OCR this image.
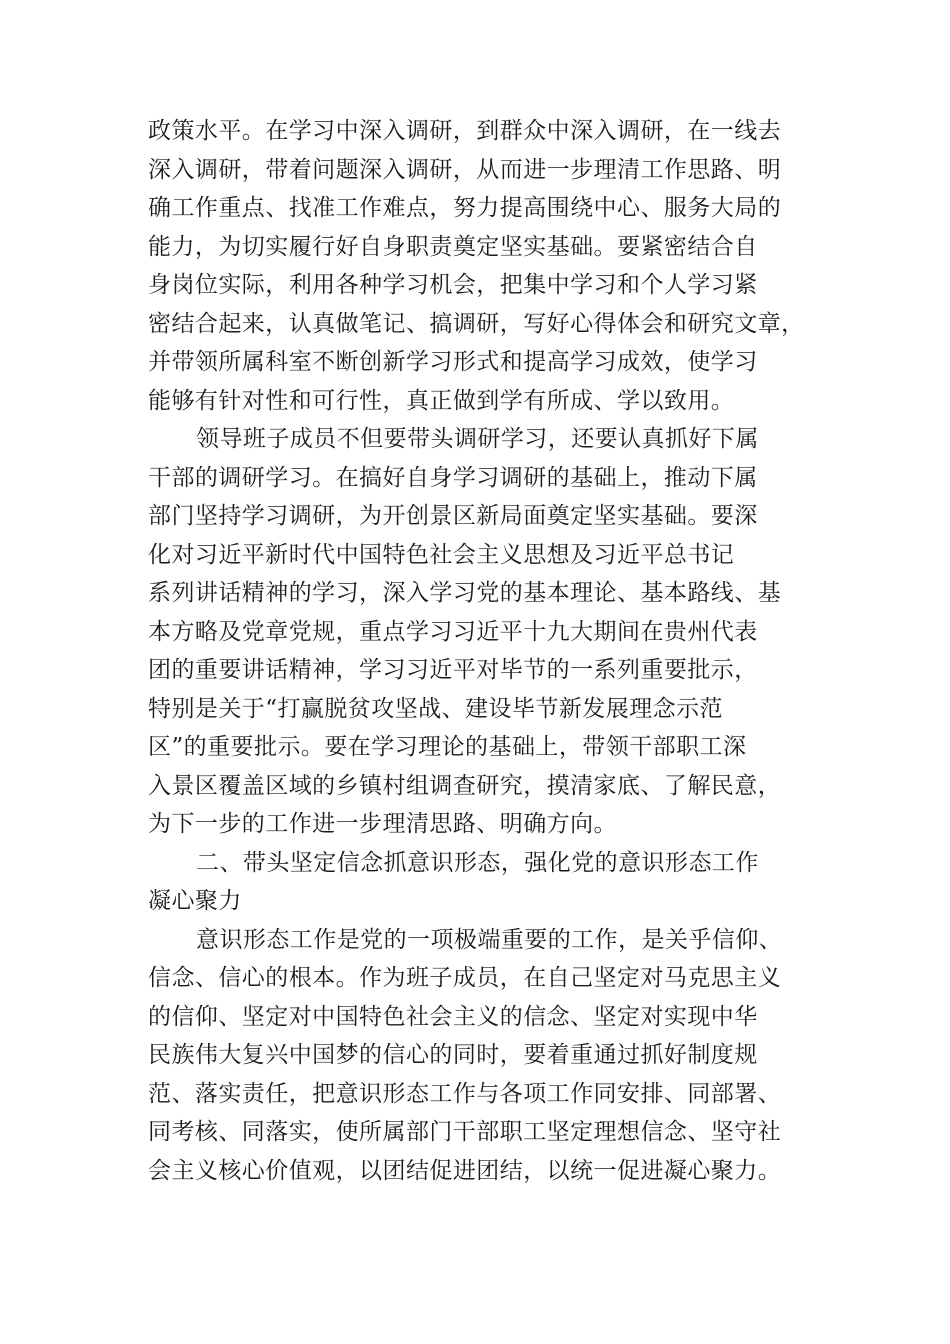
政策水平。在学习中深入调研，到群众中深入调研，在一线去
深入调研，带着问题深入调研，从而进一步理清工作思路、明
确工作重点、找准工作难点，努力提高围绕中心、服务大局的
能力，为切实履行好自身职责奠定坚实基础。要紧密结合自
身岗位实际，利用各种学习机会，把集中学习和个人学习紧
密结合起来，认真做笔记、搞调研，写好心得体会和研究文章，
并带领所属科室不断创新学习形式和提高学习成效，使学习
能够有针对性和可行性，真正做到学有所成、学以致用。
领导班子成员不但要带头调研学习，还要认真抓好下属
干部的调研学习。在搞好自身学习调研的基础上，推动下属
部门坚持学习调研，为开创景区新局面奠定坚实基础。要深
化对习近平新时代中国特色社会主义思想及习近平总书记
系列讲话精神的学习，深入学习党的基本理论、基本路线、基
本方略及党章党规，重点学习习近平十九大期间在贵州代表
团的重要讲话精神，学习习近平对毕节的一系列重要批示，
特别是关于“打赢脱贫攻坚战、建设毕节新发展理念示范
区”的重要批示。要在学习理论的基础上，带领干部职工深
入景区覆盖区域的乡镇村组调查研究，摸清家底、了解民意，
为下一步的工作进一步理清思路、明确方向。
二、带头坚定信念抓意识形态，强化党的意识形态工作
凝心聚力
意识形态工作是党的一项极端重要的工作，是关乎信仰、
信念、信心的根本。作为班子成员，在自己坚定对马克思主义
的信仰、坚定对中国特色社会主义的信念、坚定对实现中华
民族伟大复兴中国梦的信心的同时，要着重通过抓好制度规
范、落实责任，把意识形态工作与各项工作同安排、同部署、
同考核、同落实，使所属部门干部职工坚定理想信念、坚守社
会主义核心价值观，以团结促进团结，以统一促进凝心聚力。
